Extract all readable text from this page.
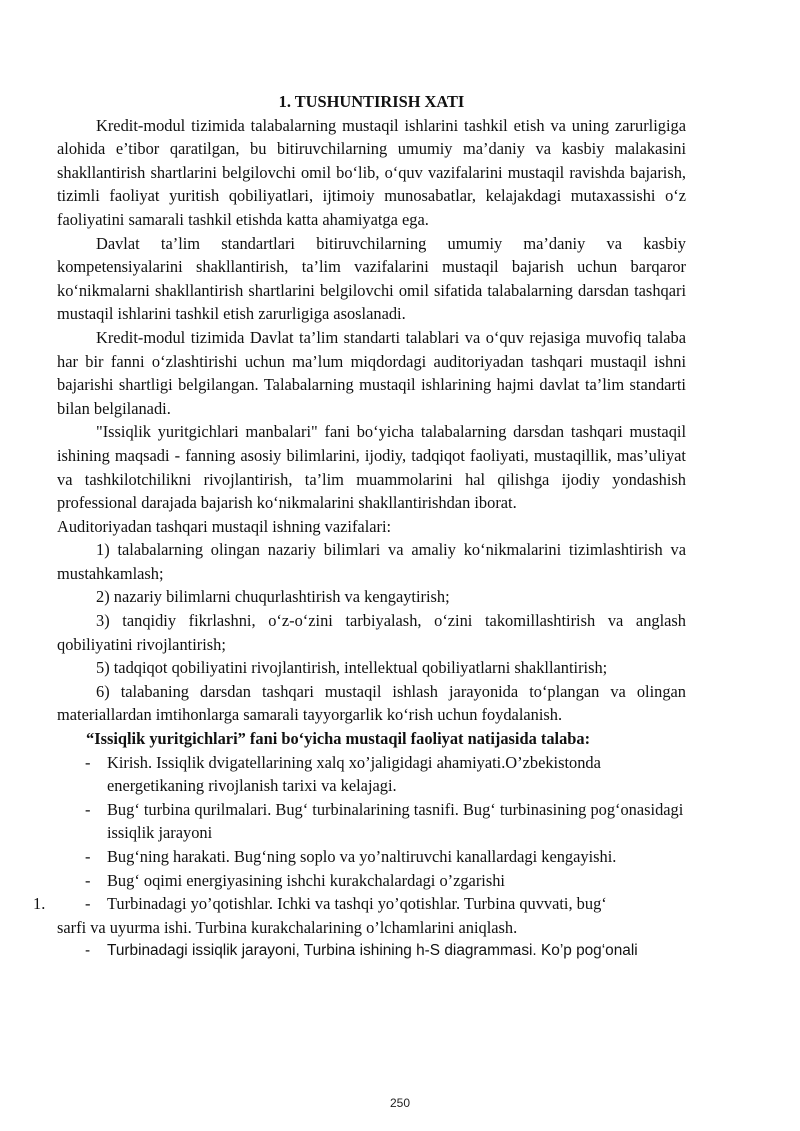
1. TUSHUNTIRISH XATI

Kredit-modul tizimida talabalarning mustaqil ishlarini tashkil etish va uning zarurligiga alohida e’tibor qaratilgan, bu bitiruvchilarning umumiy ma’daniy va kasbiy malakasini shakllantirish shartlarini belgilovchi omil bo‘lib, o‘quv vazifalarini mustaqil ravishda bajarish, tizimli faoliyat yuritish qobiliyatlari, ijtimoiy munosabatlar, kelajakdagi mutaxassishi o‘z faoliyatini samarali tashkil etishda katta ahamiyatga ega.

Davlat ta’lim standartlari bitiruvchilarning umumiy ma’daniy va kasbiy kompetensiyalarini shakllantirish, ta’lim vazifalarini mustaqil bajarish uchun barqaror ko‘nikmalarni shakllantirish shartlarini belgilovchi omil sifatida talabalarning darsdan tashqari mustaqil ishlarini tashkil etish zarurligiga asoslanadi.

Kredit-modul tizimida Davlat ta’lim standarti talablari va o‘quv rejasiga muvofiq talaba har bir fanni o‘zlashtirishi uchun ma’lum miqdordagi auditoriyadan tashqari mustaqil ishni bajarishi shartligi belgilangan. Talabalarning mustaqil ishlarining hajmi davlat ta’lim standarti bilan belgilanadi.

"Issiqlik yuritgichlari manbalari" fani bo‘yicha talabalarning darsdan tashqari mustaqil ishining maqsadi - fanning asosiy bilimlarini, ijodiy, tadqiqot faoliyati, mustaqillik, mas’uliyat va tashkilotchilikni rivojlantirish, ta’lim muammolarini hal qilishga ijodiy yondashish professional darajada bajarish ko‘nikmalarini shakllantirishdan iborat.

Auditoriyadan tashqari mustaqil ishning vazifalari:

1) talabalarning olingan nazariy bilimlari va amaliy ko‘nikmalarini tizimlashtirish va mustahkamlash;

2) nazariy bilimlarni chuqurlashtirish va kengaytirish;

3) tanqidiy fikrlashni, o‘z-o‘zini tarbiyalash, o‘zini takomillashtirish va anglash qobiliyatini rivojlantirish;

5) tadqiqot qobiliyatini rivojlantirish, intellektual qobiliyatlarni shakllantirish;

6) talabaning darsdan tashqari mustaqil ishlash jarayonida to‘plangan va olingan materiallardan imtihonlarga samarali tayyorgarlik ko‘rish uchun foydalanish.

“Issiqlik yuritgichlari” fani bo‘yicha mustaqil faoliyat natijasida talaba:

- Kirish. Issiqlik dvigatellarining xalq xo’jaligidagi ahamiyati.O’zbekistonda energetikaning rivojlanish tarixi va kelajagi.

- Bug‘ turbina qurilmalari. Bug‘ turbinalarining tasnifi. Bug‘ turbinasining pog‘onasidagi issiqlik jarayoni

- Bug‘ning harakati. Bug‘ning soplo va yo’naltiruvchi kanallardagi kengayishi.

- Bug‘ oqimi energiyasining ishchi kurakchalardagi o’zgarishi

1. - Turbinadagi yo’qotishlar. Ichki va tashqi yo’qotishlar. Turbina quvvati, bug‘

sarfi va uyurma ishi. Turbina kurakchalarining o’lchamlarini aniqlash.

- Turbinadagi issiqlik jarayoni, Turbina ishining h-S diagrammasi. Ko’p pog‘onali

250
